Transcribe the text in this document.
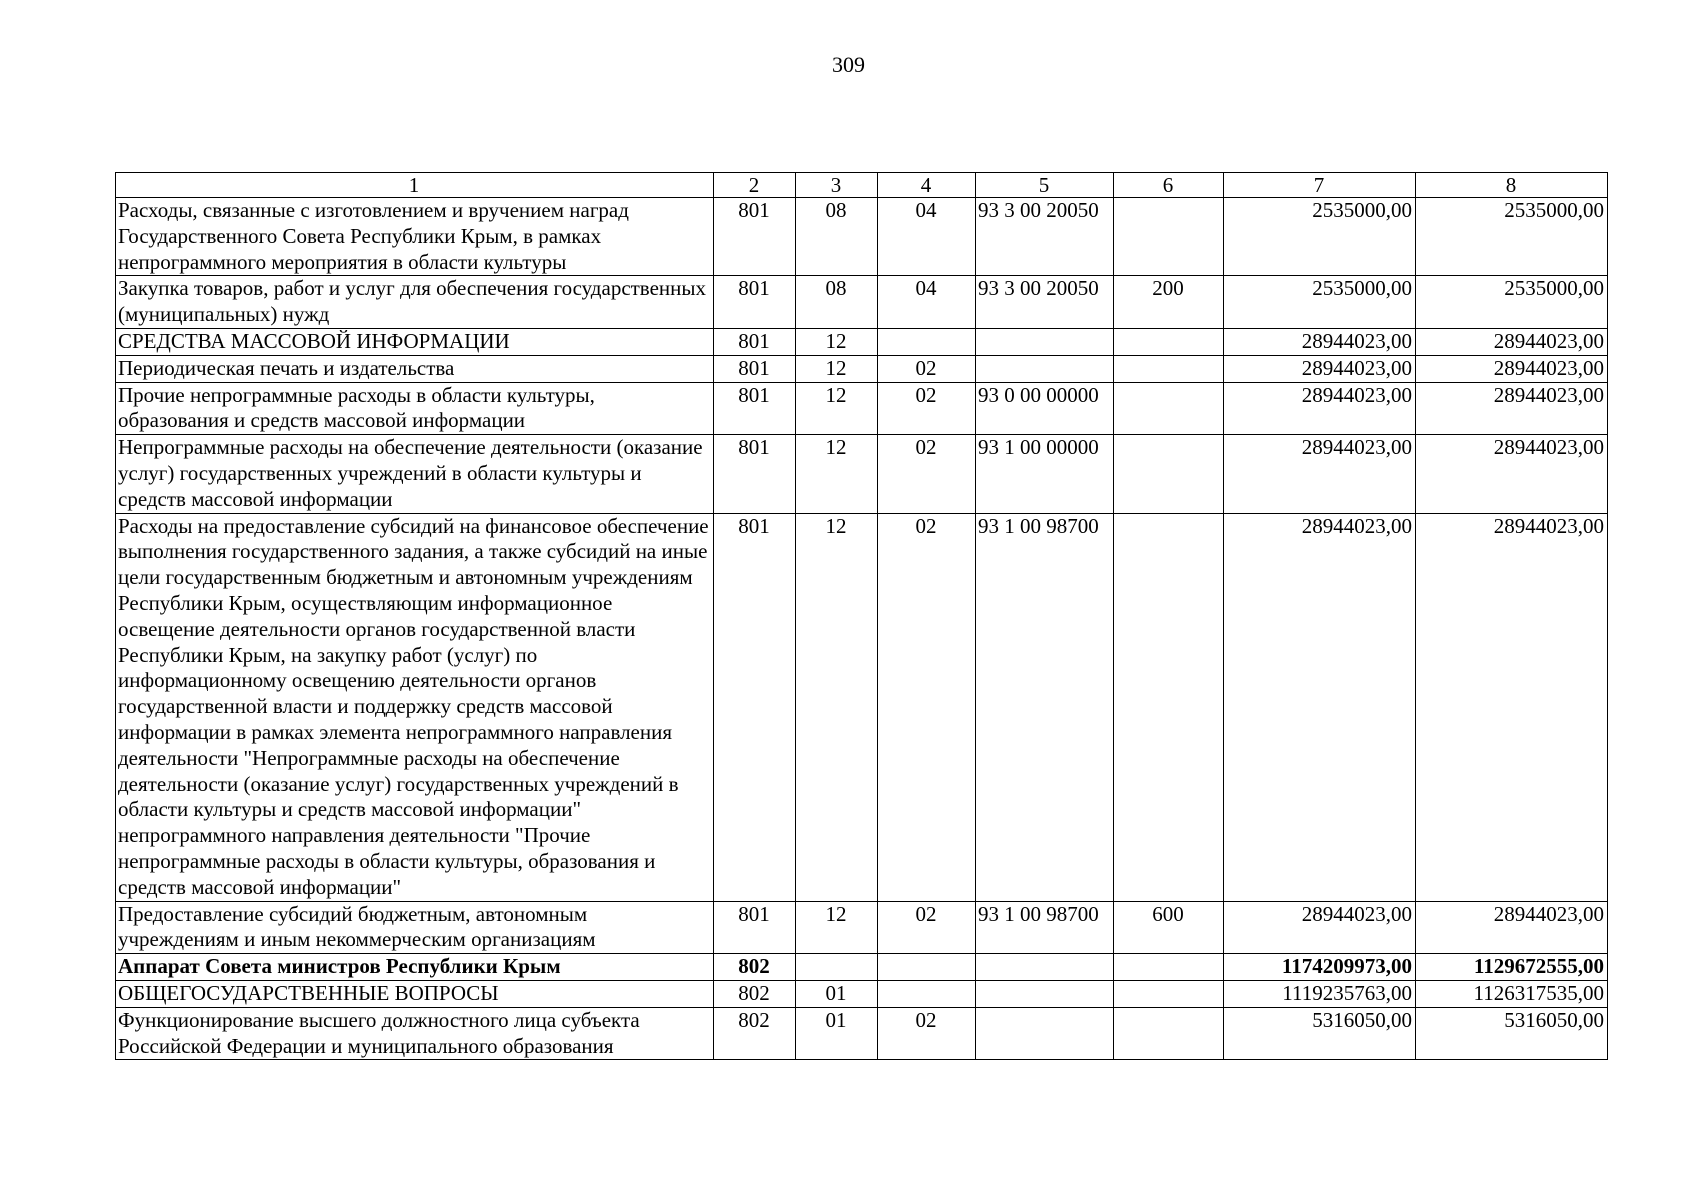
309
1	2	3	4	5	6	7	8
Расходы, связанные с изготовлением и вручением наград Государственного Совета Республики Крым, в рамках непрограммного мероприятия в области культуры	801	08	04	93 3 00 20050		2535000,00	2535000,00
Закупка товаров, работ и услуг для обеспечения государственных (муниципальных) нужд	801	08	04	93 3 00 20050	200	2535000,00	2535000,00
СРЕДСТВА МАССОВОЙ ИНФОРМАЦИИ	801	12				28944023,00	28944023,00
Периодическая печать и издательства	801	12	02			28944023,00	28944023,00
Прочие непрограммные расходы в области культуры, образования и средств массовой информации	801	12	02	93 0 00 00000		28944023,00	28944023,00
Непрограммные расходы на обеспечение деятельности (оказание услуг) государственных учреждений в области культуры и средств массовой информации	801	12	02	93 1 00 00000		28944023,00	28944023,00
Расходы на предоставление субсидий на финансовое обеспечение выполнения государственного задания, а также субсидий на иные цели государственным бюджетным и автономным учреждениям Республики Крым, осуществляющим информационное освещение деятельности органов государственной власти Республики Крым, на закупку работ (услуг) по информационному освещению деятельности органов государственной власти и поддержку средств массовой информации в рамках элемента непрограммного направления деятельности "Непрограммные расходы на обеспечение деятельности (оказание услуг) государственных учреждений в области культуры и средств массовой информации" непрограммного направления деятельности "Прочие непрограммные расходы в области культуры, образования и средств массовой информации"	801	12	02	93 1 00 98700		28944023,00	28944023,00
Предоставление субсидий бюджетным, автономным учреждениям и иным некоммерческим организациям	801	12	02	93 1 00 98700	600	28944023,00	28944023,00
Аппарат Совета министров Республики Крым	802					1174209973,00	1129672555,00
ОБЩЕГОСУДАРСТВЕННЫЕ ВОПРОСЫ	802	01				1119235763,00	1126317535,00
Функционирование высшего должностного лица субъекта Российской Федерации и муниципального образования	802	01	02			5316050,00	5316050,00
